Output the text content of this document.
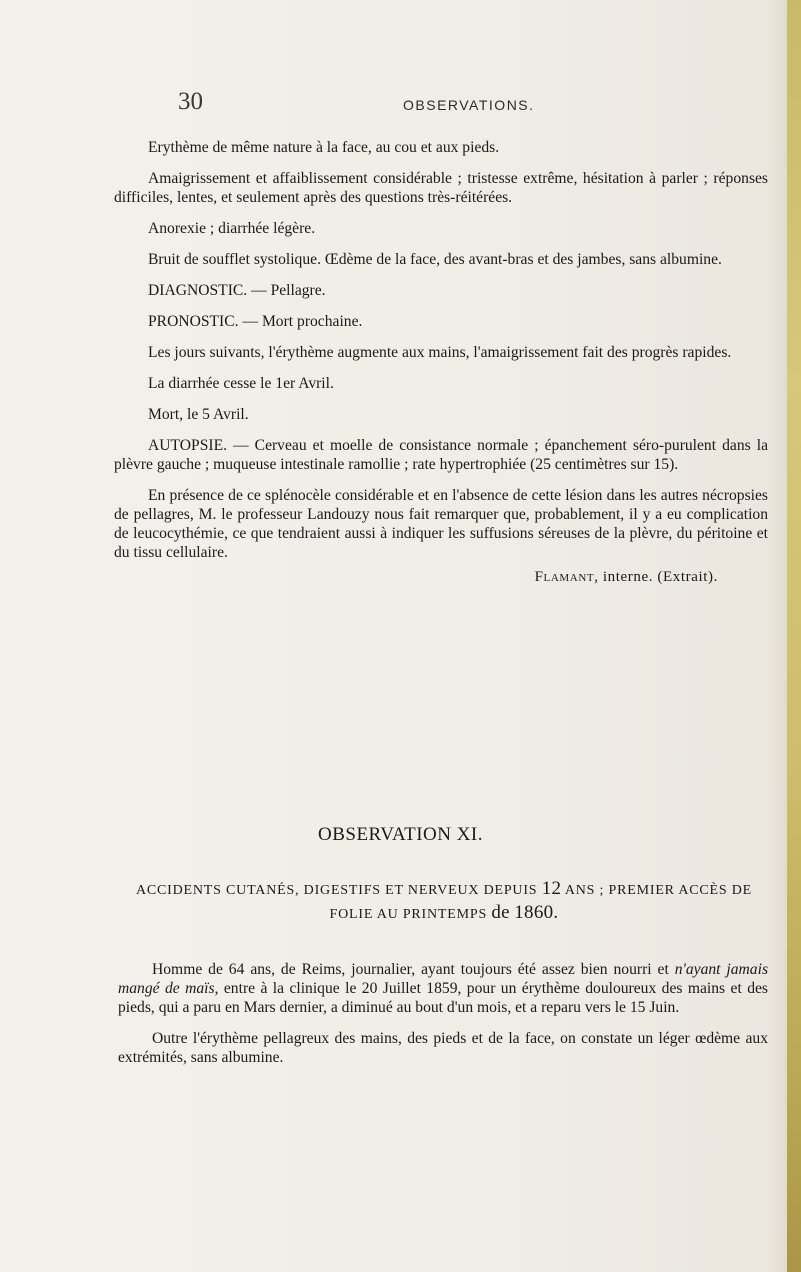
30	OBSERVATIONS.

Erythème de même nature à la face, au cou et aux pieds.

Amaigrissement et affaiblissement considérable ; tristesse extrême, hésitation à parler ; réponses difficiles, lentes, et seulement après des questions très-réitérées.

Anorexie ; diarrhée légère.

Bruit de soufflet systolique. Œdème de la face, des avant-bras et des jambes, sans albumine.

DIAGNOSTIC. — Pellagre.

PRONOSTIC. — Mort prochaine.

Les jours suivants, l'érythème augmente aux mains, l'amaigrissement fait des progrès rapides.

La diarrhée cesse le 1er Avril.

Mort, le 5 Avril.

AUTOPSIE. — Cerveau et moelle de consistance normale ; épanchement séro-purulent dans la plèvre gauche ; muqueuse intestinale ramollie ; rate hypertrophiée (25 centimètres sur 15).

En présence de ce splénocèle considérable et en l'absence de cette lésion dans les autres nécropsies de pellagres, M. le professeur Landouzy nous fait remarquer que, probablement, il y a eu complication de leucocythémie, ce que tendraient aussi à indiquer les suffusions séreuses de la plèvre, du péritoine et du tissu cellulaire.

Flamant, interne. (Extrait).
OBSERVATION XI.
ACCIDENTS CUTANÉS, DIGESTIFS ET NERVEUX DEPUIS 12 ANS ; PREMIER ACCÈS DE FOLIE AU PRINTEMPS de 1860.

Homme de 64 ans, de Reims, journalier, ayant toujours été assez bien nourri et n'ayant jamais mangé de maïs, entre à la clinique le 20 Juillet 1859, pour un érythème douloureux des mains et des pieds, qui a paru en Mars dernier, a diminué au bout d'un mois, et a reparu vers le 15 Juin.

Outre l'érythème pellagreux des mains, des pieds et de la face, on constate un léger œdème aux extrémités, sans albumine.
